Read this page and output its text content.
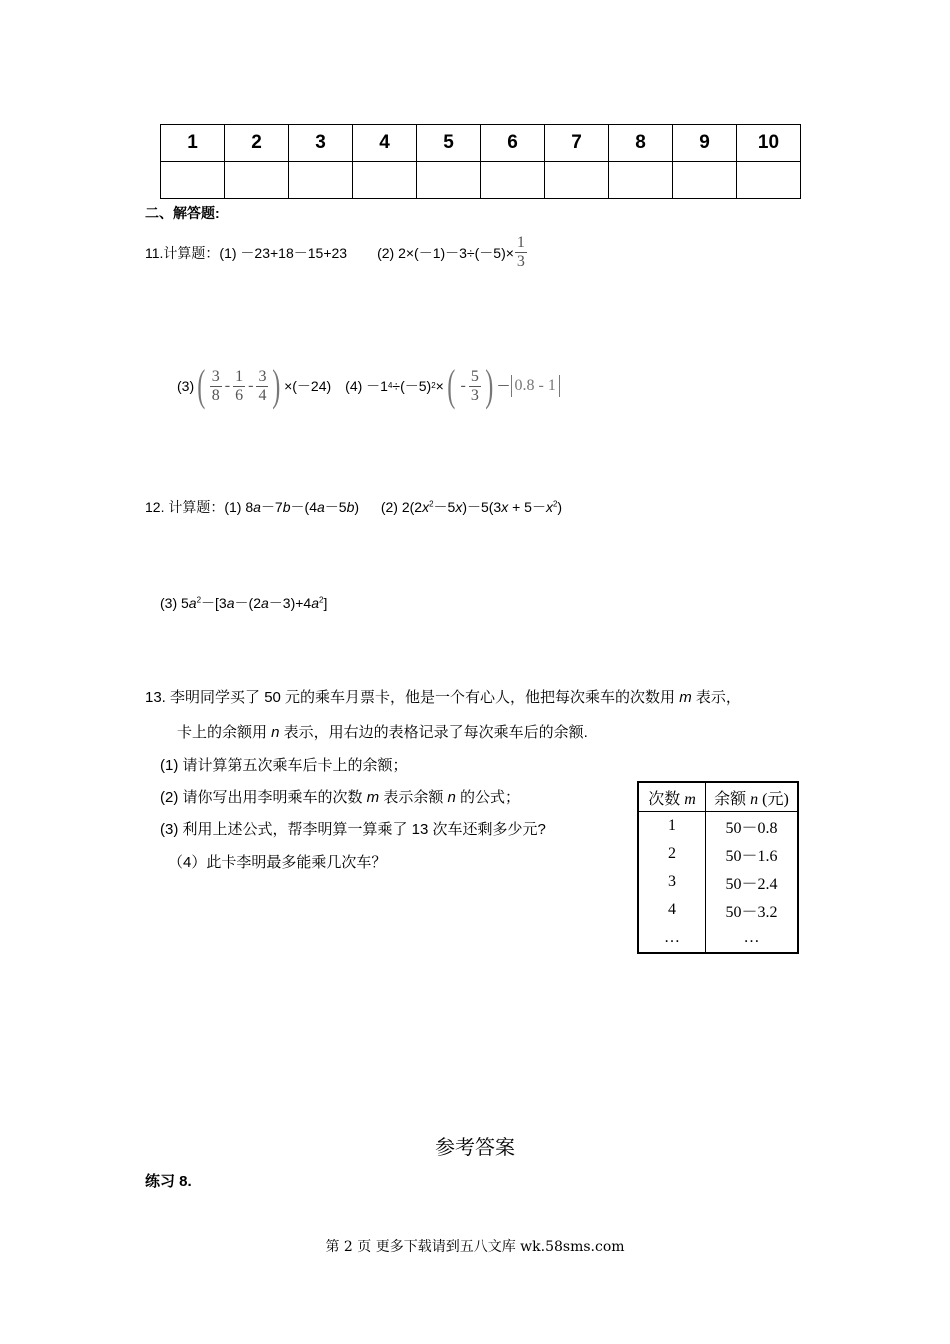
1	2	3	4	5	6	7	8	9	10

二、解答题:
11.计算题：(1) －23+18－15+23 (2) $2\times(-1)-3\div(-5)\times \frac{1}{3}$
(3) ( $\frac{3}{8} - \frac{1}{6} - \frac{3}{4}$ ) ×(－24) (4) －1 4 ÷(－5) 2 × ( - $\frac{5}{3}$ ) － 0.8 - 1
12. 计算题：(1) 8a－7b－(4a－5b) (2) $2(2x^2-5x)-5(3x + 5-x^2)$
(3) $5a^2-[3a-(2a-3)+4a^2]$
13. 李明同学买了 50 元的乘车月票卡，他是一个有心人，他把每次乘车的次数用 m 表示，
卡上的余额用 n 表示，用右边的表格记录了每次乘车后的余额.
(1) 请计算第五次乘车后卡上的余额；
(2) 请你写出用李明乘车的次数 m 表示余额 n 的公式；
(3) 利用上述公式，帮李明算一算乘了 13 次车还剩多少元?
（4）此卡李明最多能乘几次车？
次数 m	余额 n (元)
1	50－0.8
2	50－1.6
3	50－2.4
4	50－3.2
…	…
参考答案
练习 8.
第 2 页 更多下载请到五八文库 wk.58sms.com
